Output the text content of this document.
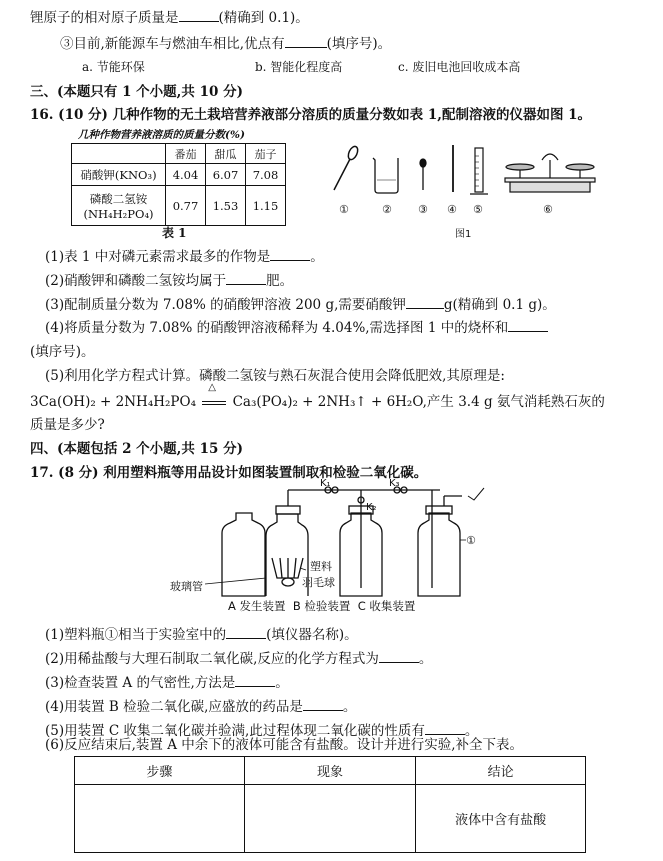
锂原子的相对原子质量是	(精确到 0.1)。
③目前,新能源车与燃油车相比,优点有	(填序号)。
a. 节能环保	b. 智能化程度高	c. 废旧电池回收成本高
三、(本题只有 1 个小题,共 10 分)
16. (10 分) 几种作物的无土栽培营养液部分溶质的质量分数如表 1,配制溶液的仪器如图 1。
几种作物营养液溶质的质量分数(%)
	番茄	甜瓜	茄子
硝酸钾(KNO₃)	4.04	6.07	7.08

磷酸二氢铵
(NH₄H₂PO₄)	0.77	1.53	1.15
表 1
①	② ③ ④ ⑤	⑥
图1
(1)表 1 中对磷元素需求最多的作物是	。
(2)硝酸钾和磷酸二氢铵均属于	肥。
(3)配制质量分数为 7.08% 的硝酸钾溶液 200 g,需要硝酸钾	g(精确到 0.1 g)。
(4)将质量分数为 7.08% 的硝酸钾溶液稀释为 4.04%,需选择图 1 中的烧杯和
(填序号)。
(5)利用化学方程式计算。磷酸二氢铵与熟石灰混合使用会降低肥效,其原理是:
3Ca(OH)₂ + 2NH₄H₂PO₄
△
Ca₃(PO₄)₂ + 2NH₃↑ + 6H₂O,产生 3.4 g 氨气消耗熟石灰的
质量是多少?
四、(本题包括 2 个小题,共 15 分)
17. (8 分) 利用塑料瓶等用品设计如图装置制取和检验二氧化碳。
K₁
K₂
K₃
①
玻璃管
塑料
羽毛球
A 发生装置  B 检验装置  C 收集装置
(1)塑料瓶①相当于实验室中的	(填仪器名称)。
(2)用稀盐酸与大理石制取二氧化碳,反应的化学方程式为	。
(3)检查装置 A 的气密性,方法是	。
(4)用装置 B 检验二氧化碳,应盛放的药品是	。
(5)用装置 C 收集二氧化碳并验满,此过程体现二氧化碳的性质有	。
(6)反应结束后,装置 A 中余下的液体可能含有盐酸。设计并进行实验,补全下表。
步骤	现象	结论
		液体中含有盐酸
